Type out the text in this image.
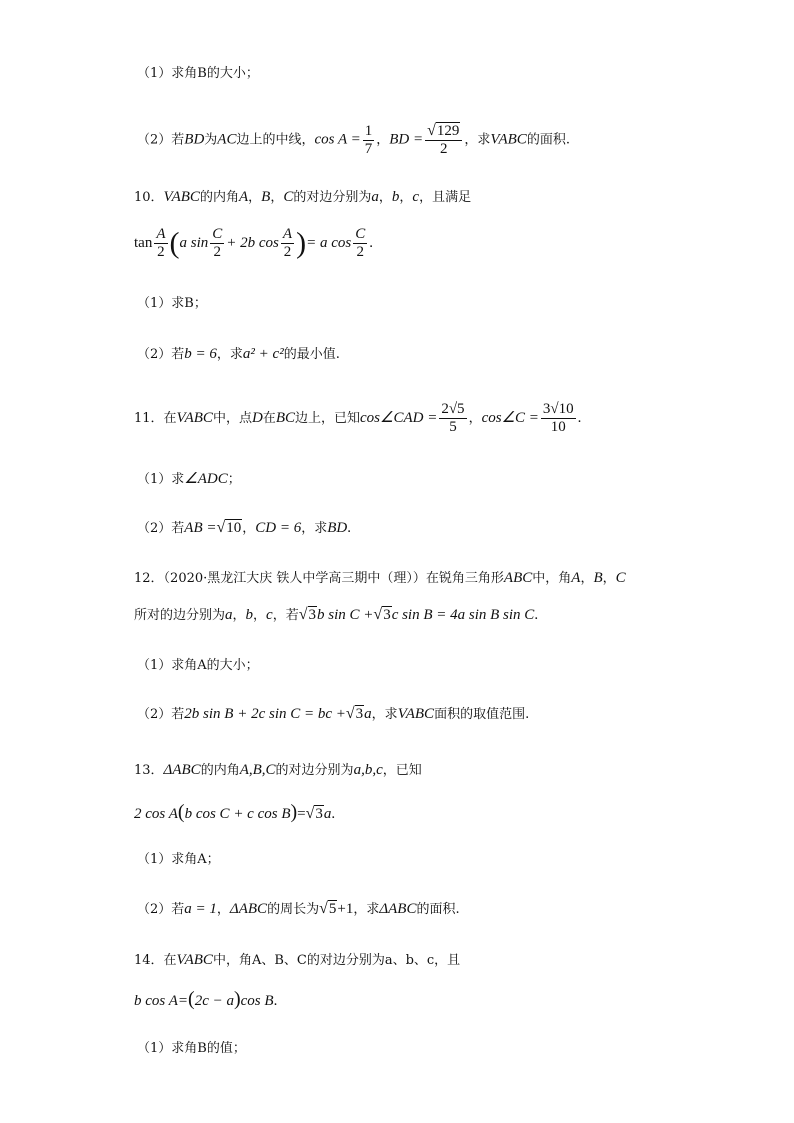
（1）求角B的大小；
（2）若BD为AC边上的中线，$\cos A = \frac{1}{7}$ ，BD = $\frac{√129}{2}$ ，求VABC的面积.
10．VABC的内角A，B，C的对边分别为a，b，c，且满足
$\tan \frac{A}{2} (a$ $\sin \frac{C}{2} + 2b$ $\cos \frac{A}{2}$ )= a $\cos \frac{C}{2}$ .
（1）求B；
（2）若b = 6，求a² + c²的最小值.
11．在VABC中，点D在BC边上，已知cos∠CAD = $\frac{2√5}{5}$ ，cos∠C = $\frac{3√10}{10}$ .
（1）求∠ADC；
（2）若AB =√10，CD = 6，求BD.
12．（2020·黑龙江大庆 铁人中学高三期中（理））在锐角三角形ABC中，角A，B，C
所对的边分别为a，b，c，若√3b sin C +√3c sin B = 4a sin B sin C.
（1）求角A的大小；
（2）若2b sin B + 2c sin C = bc +√3a，求VABC面积的取值范围.
13．ΔABC的内角A,B,C的对边分别为a,b,c，已知
2 cos A(b cos C + c cos B)=√3a.
（1）求角A；
（2）若a = 1，ΔABC的周长为√5+1，求ΔABC的面积.
14．在VABC中，角A、B、C的对边分别为a、b、c，且
b cos A=(2c − a)cos B.
（1）求角B的值；
